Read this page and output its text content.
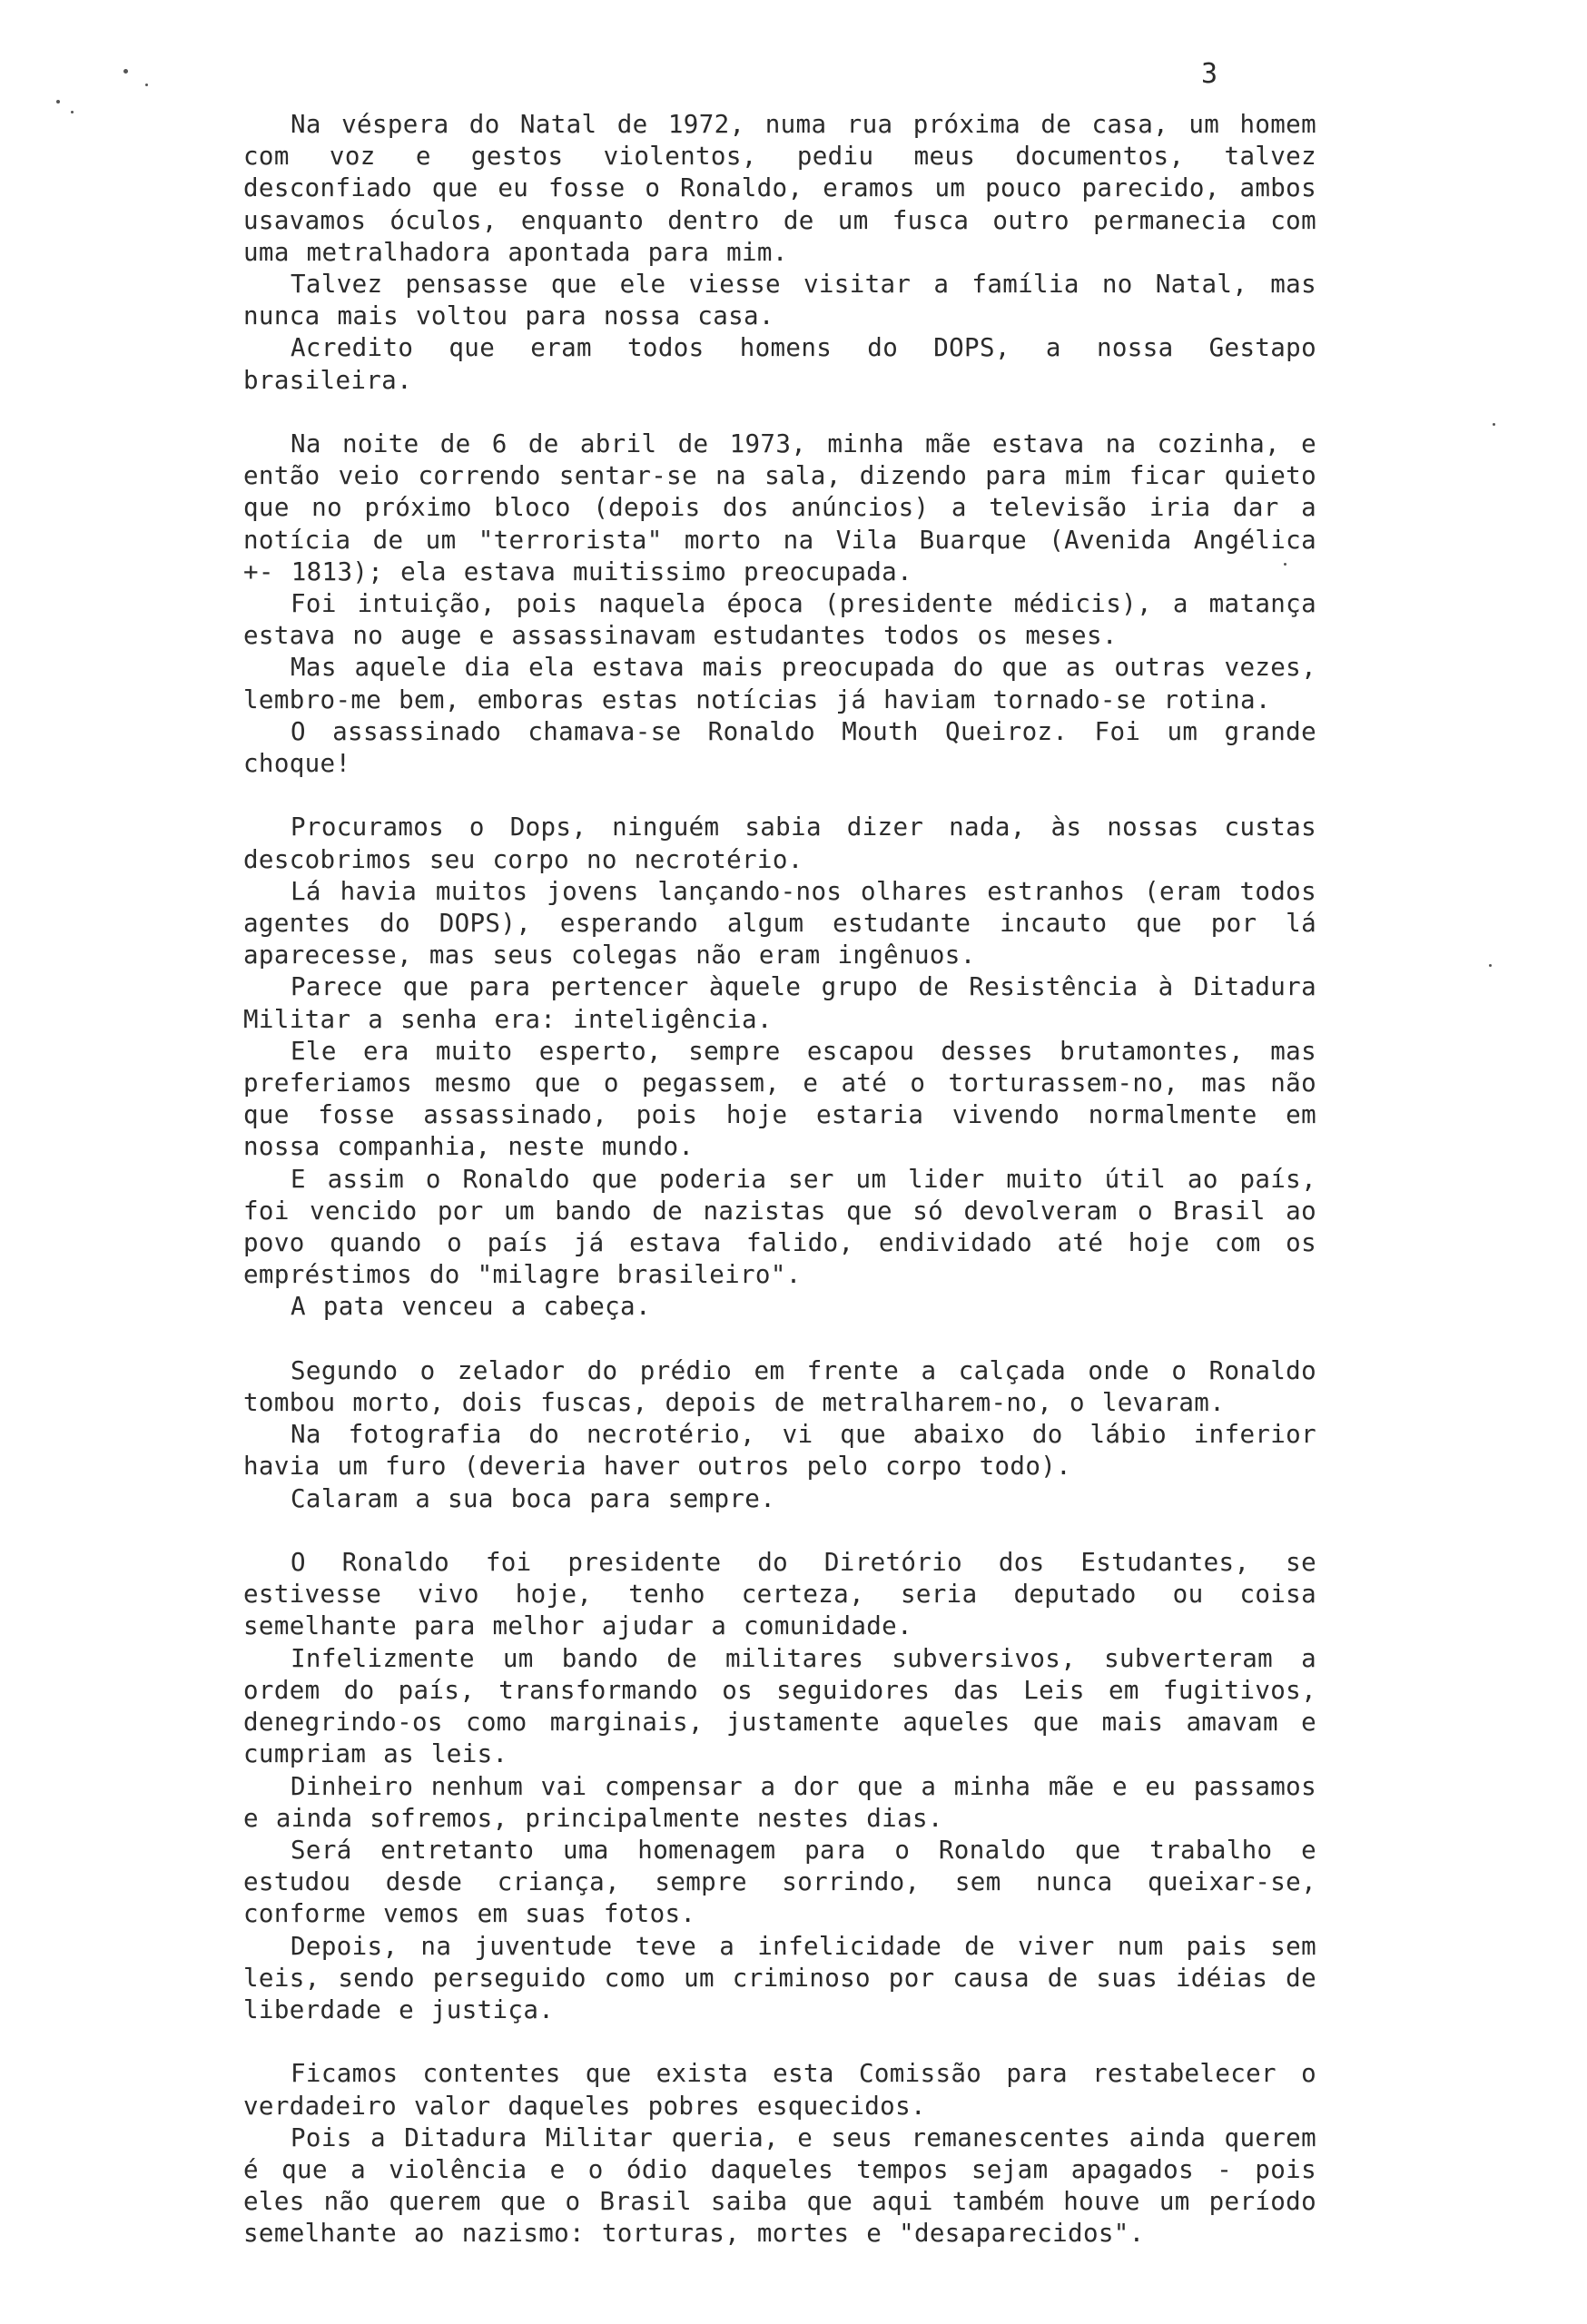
3

Na véspera do Natal de 1972, numa rua próxima de casa, um homem com voz e gestos violentos, pediu meus documentos, talvez desconfiado que eu fosse o Ronaldo, eramos um pouco parecido, ambos usavamos óculos, enquanto dentro de um fusca outro permanecia com uma metralhadora apontada para mim.

Talvez pensasse que ele viesse visitar a família no Natal, mas nunca mais voltou para nossa casa.

Acredito que eram todos homens do DOPS, a nossa Gestapo brasileira.

Na noite de 6 de abril de 1973, minha mãe estava na cozinha, e então veio correndo sentar-se na sala, dizendo para mim ficar quieto que no próximo bloco (depois dos anúncios) a televisão iria dar a notícia de um "terrorista" morto na Vila Buarque (Avenida Angélica +- 1813); ela estava muitissimo preocupada.

Foi intuição, pois naquela época (presidente médicis), a matança estava no auge e assassinavam estudantes todos os meses.

Mas aquele dia ela estava mais preocupada do que as outras vezes, lembro-me bem, emboras estas notícias já haviam tornado-se rotina.

O assassinado chamava-se Ronaldo Mouth Queiroz. Foi um grande choque!

Procuramos o Dops, ninguém sabia dizer nada, às nossas custas descobrimos seu corpo no necrotério.

Lá havia muitos jovens lançando-nos olhares estranhos (eram todos agentes do DOPS), esperando algum estudante incauto que por lá aparecesse, mas seus colegas não eram ingênuos.

Parece que para pertencer àquele grupo de Resistência à Ditadura Militar a senha era: inteligência.

Ele era muito esperto, sempre escapou desses brutamontes, mas preferiamos mesmo que o pegassem, e até o torturassem-no, mas não que fosse assassinado, pois hoje estaria vivendo normalmente em nossa companhia, neste mundo.

E assim o Ronaldo que poderia ser um lider muito útil ao país, foi vencido por um bando de nazistas que só devolveram o Brasil ao povo quando o país já estava falido, endividado até hoje com os empréstimos do "milagre brasileiro".

A pata venceu a cabeça.

Segundo o zelador do prédio em frente a calçada onde o Ronaldo tombou morto, dois fuscas, depois de metralharem-no, o levaram.

Na fotografia do necrotério, vi que abaixo do lábio inferior havia um furo (deveria haver outros pelo corpo todo).

Calaram a sua boca para sempre.

O Ronaldo foi presidente do Diretório dos Estudantes, se estivesse vivo hoje, tenho certeza, seria deputado ou coisa semelhante para melhor ajudar a comunidade.

Infelizmente um bando de militares subversivos, subverteram a ordem do país, transformando os seguidores das Leis em fugitivos, denegrindo-os como marginais, justamente aqueles que mais amavam e cumpriam as leis.

Dinheiro nenhum vai compensar a dor que a minha mãe e eu passamos e ainda sofremos, principalmente nestes dias.

Será entretanto uma homenagem para o Ronaldo que trabalho e estudou desde criança, sempre sorrindo, sem nunca queixar-se, conforme vemos em suas fotos.

Depois, na juventude teve a infelicidade de viver num pais sem leis, sendo perseguido como um criminoso por causa de suas idéias de liberdade e justiça.

Ficamos contentes que exista esta Comissão para restabelecer o verdadeiro valor daqueles pobres esquecidos.

Pois a Ditadura Militar queria, e seus remanescentes ainda querem é que a violência e o ódio daqueles tempos sejam apagados - pois eles não querem que o Brasil saiba que aqui também houve um período semelhante ao nazismo: torturas, mortes e "desaparecidos".
